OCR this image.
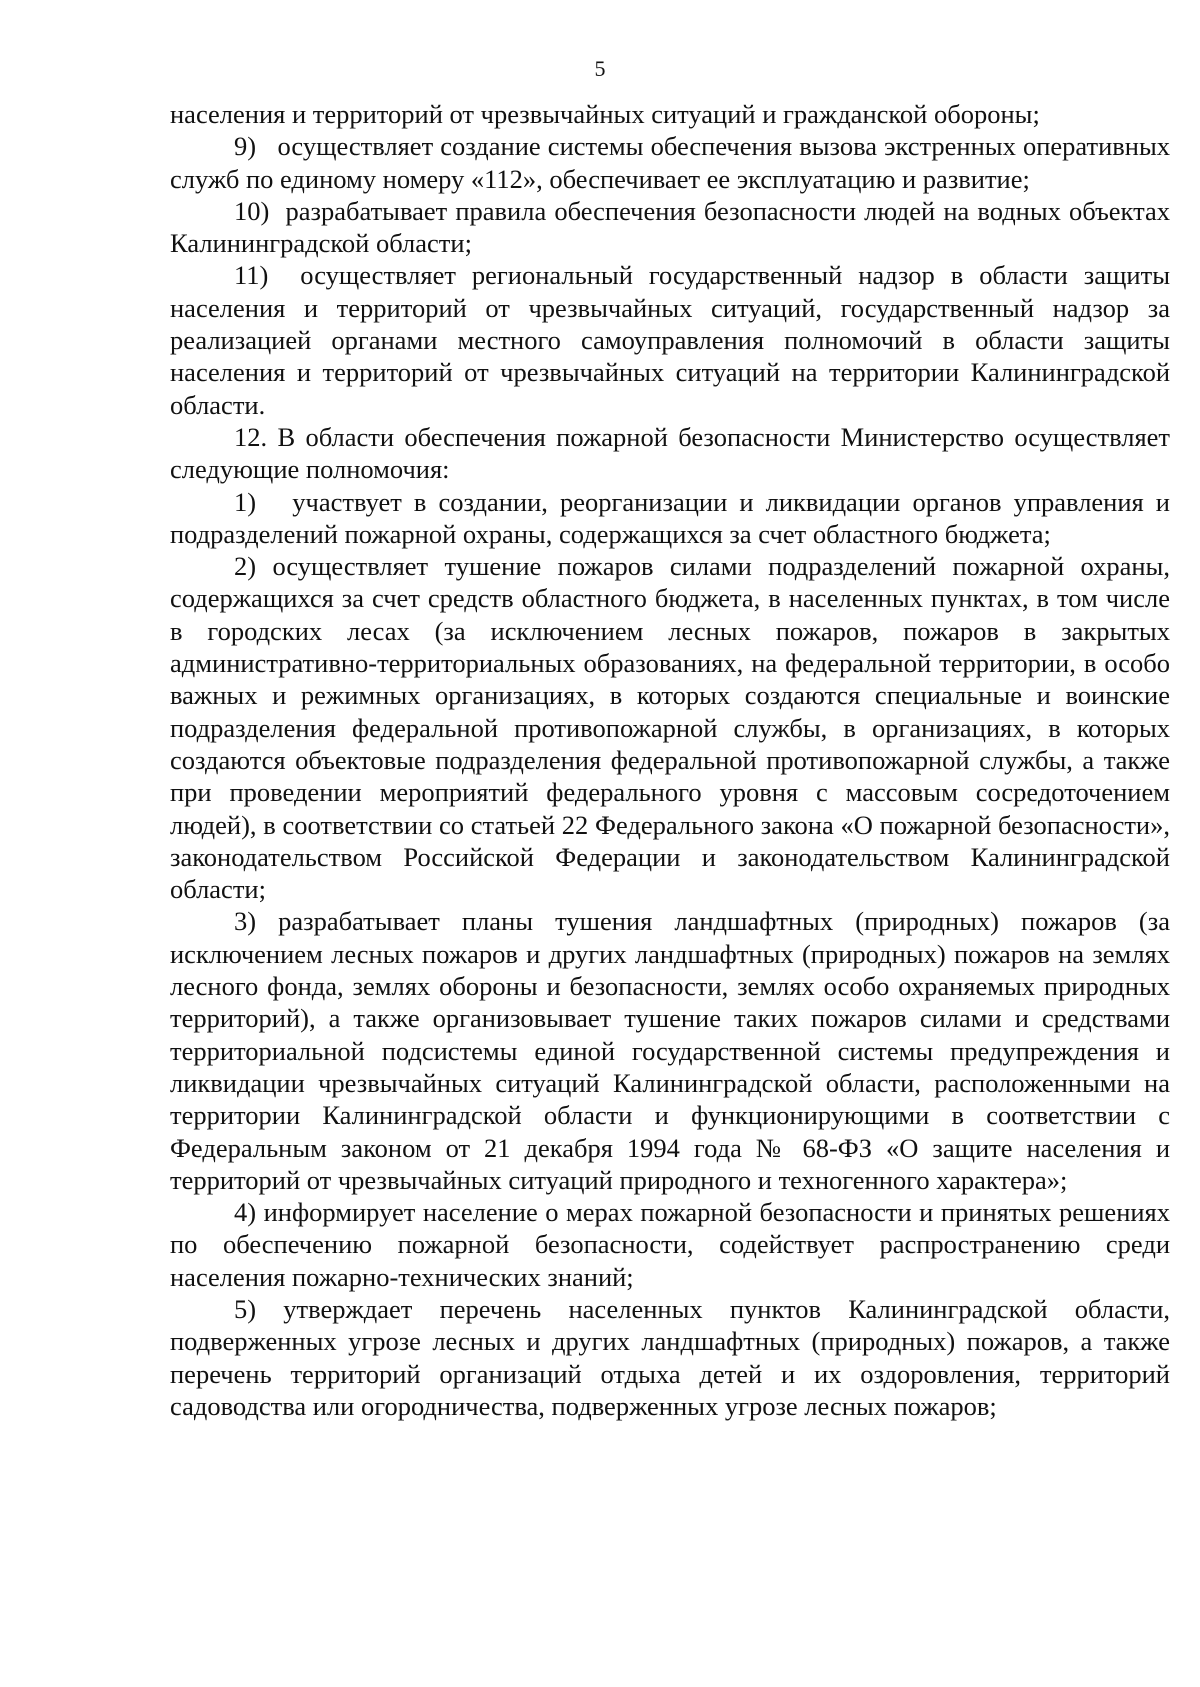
5

населения и территорий от чрезвычайных ситуаций и гражданской обороны;

9)   осуществляет создание системы обеспечения вызова экстренных оперативных служб по единому номеру «112», обеспечивает ее эксплуатацию и развитие;

10)  разрабатывает правила обеспечения безопасности людей на водных объектах Калининградской области;

11)  осуществляет региональный государственный надзор в области защиты населения и территорий от чрезвычайных ситуаций, государственный надзор за реализацией органами местного самоуправления полномочий в области защиты населения и территорий от чрезвычайных ситуаций на территории Калининградской области.

12. В области обеспечения пожарной безопасности Министерство осуществляет следующие полномочия:

1)   участвует в создании, реорганизации и ликвидации органов управления и подразделений пожарной охраны, содержащихся за счет областного бюджета;

2) осуществляет тушение пожаров силами подразделений пожарной охраны, содержащихся за счет средств областного бюджета, в населенных пунктах, в том числе в городских лесах (за исключением лесных пожаров, пожаров в закрытых административно-территориальных образованиях, на федеральной территории, в особо важных и режимных организациях, в которых создаются специальные и воинские подразделения федеральной противопожарной службы, в организациях, в которых создаются объектовые подразделения федеральной противопожарной службы, а также при проведении мероприятий федерального уровня с массовым сосредоточением людей), в соответствии со статьей 22 Федерального закона «О пожарной безопасности», законодательством Российской Федерации и законодательством Калининградской области;

3) разрабатывает планы тушения ландшафтных (природных) пожаров (за исключением лесных пожаров и других ландшафтных (природных) пожаров на землях лесного фонда, землях обороны и безопасности, землях особо охраняемых природных территорий), а также организовывает тушение таких пожаров силами и средствами территориальной подсистемы единой государственной системы предупреждения и ликвидации чрезвычайных ситуаций Калининградской области, расположенными на территории Калининградской области и функционирующими в соответствии с Федеральным законом от 21 декабря 1994 года № 68-ФЗ «О защите населения и территорий от чрезвычайных ситуаций природного и техногенного характера»;

4) информирует население о мерах пожарной безопасности и принятых решениях по обеспечению пожарной безопасности, содействует распространению среди населения пожарно-технических знаний;

5) утверждает перечень населенных пунктов Калининградской области, подверженных угрозе лесных и других ландшафтных (природных) пожаров, а также перечень территорий организаций отдыха детей и их оздоровления, территорий садоводства или огородничества, подверженных угрозе лесных пожаров;
